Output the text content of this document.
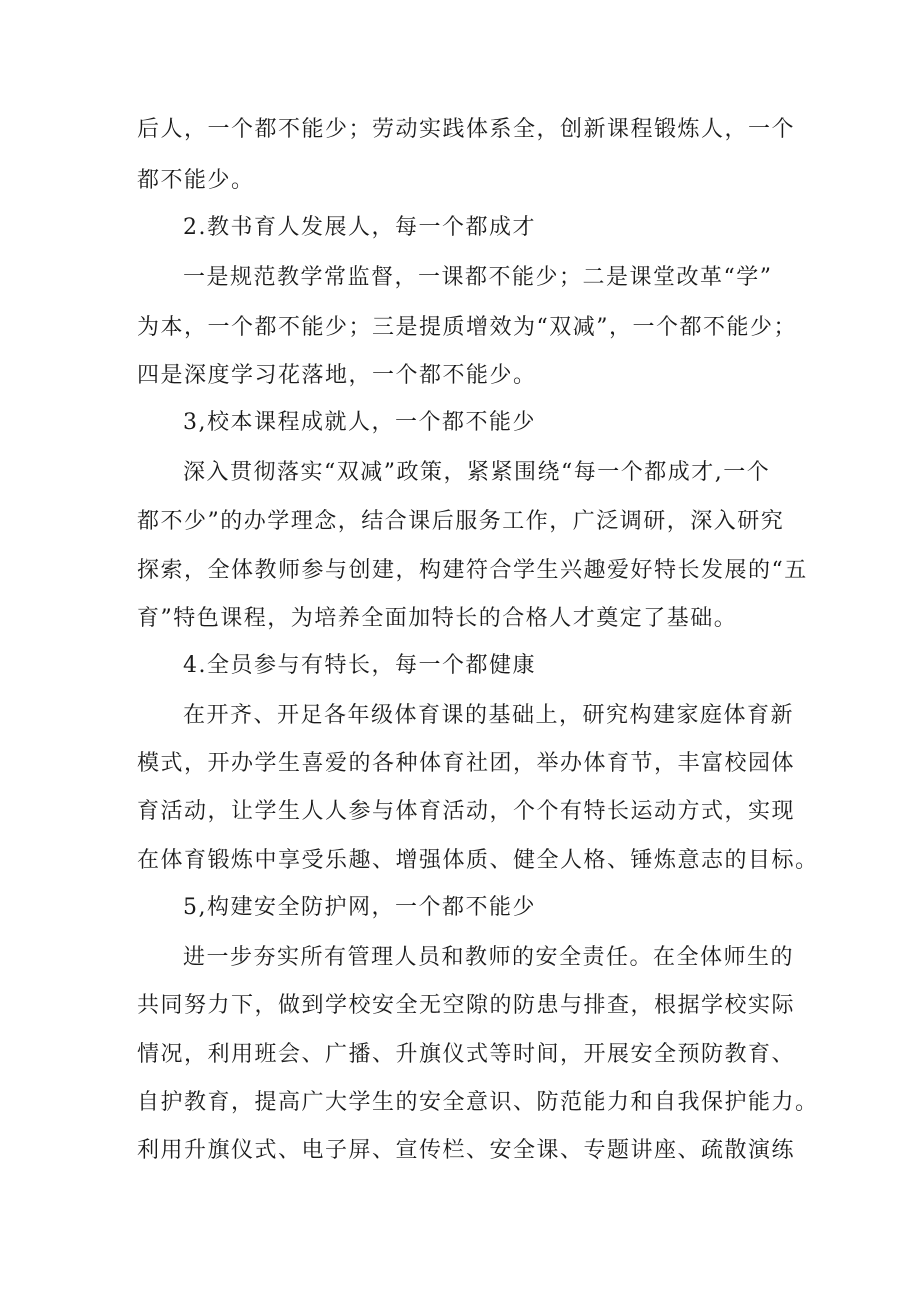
后人，一个都不能少；劳动实践体系全，创新课程锻炼人，一个
都不能少。
2.教书育人发展人，每一个都成才
一是规范教学常监督，一课都不能少；二是课堂改革“学”
为本，一个都不能少；三是提质增效为“双减”，一个都不能少；
四是深度学习花落地，一个都不能少。
3,校本课程成就人，一个都不能少
深入贯彻落实“双减”政策，紧紧围绕“每一个都成才,一个
都不少”的办学理念，结合课后服务工作，广泛调研，深入研究
探索，全体教师参与创建，构建符合学生兴趣爱好特长发展的“五
育”特色课程，为培养全面加特长的合格人才奠定了基础。
4.全员参与有特长，每一个都健康
在开齐、开足各年级体育课的基础上，研究构建家庭体育新
模式，开办学生喜爱的各种体育社团，举办体育节，丰富校园体
育活动，让学生人人参与体育活动，个个有特长运动方式，实现
在体育锻炼中享受乐趣、增强体质、健全人格、锤炼意志的目标。
5,构建安全防护网，一个都不能少
进一步夯实所有管理人员和教师的安全责任。在全体师生的
共同努力下，做到学校安全无空隙的防患与排查，根据学校实际
情况，利用班会、广播、升旗仪式等时间，开展安全预防教育、
自护教育，提高广大学生的安全意识、防范能力和自我保护能力。
利用升旗仪式、电子屏、宣传栏、安全课、专题讲座、疏散演练
